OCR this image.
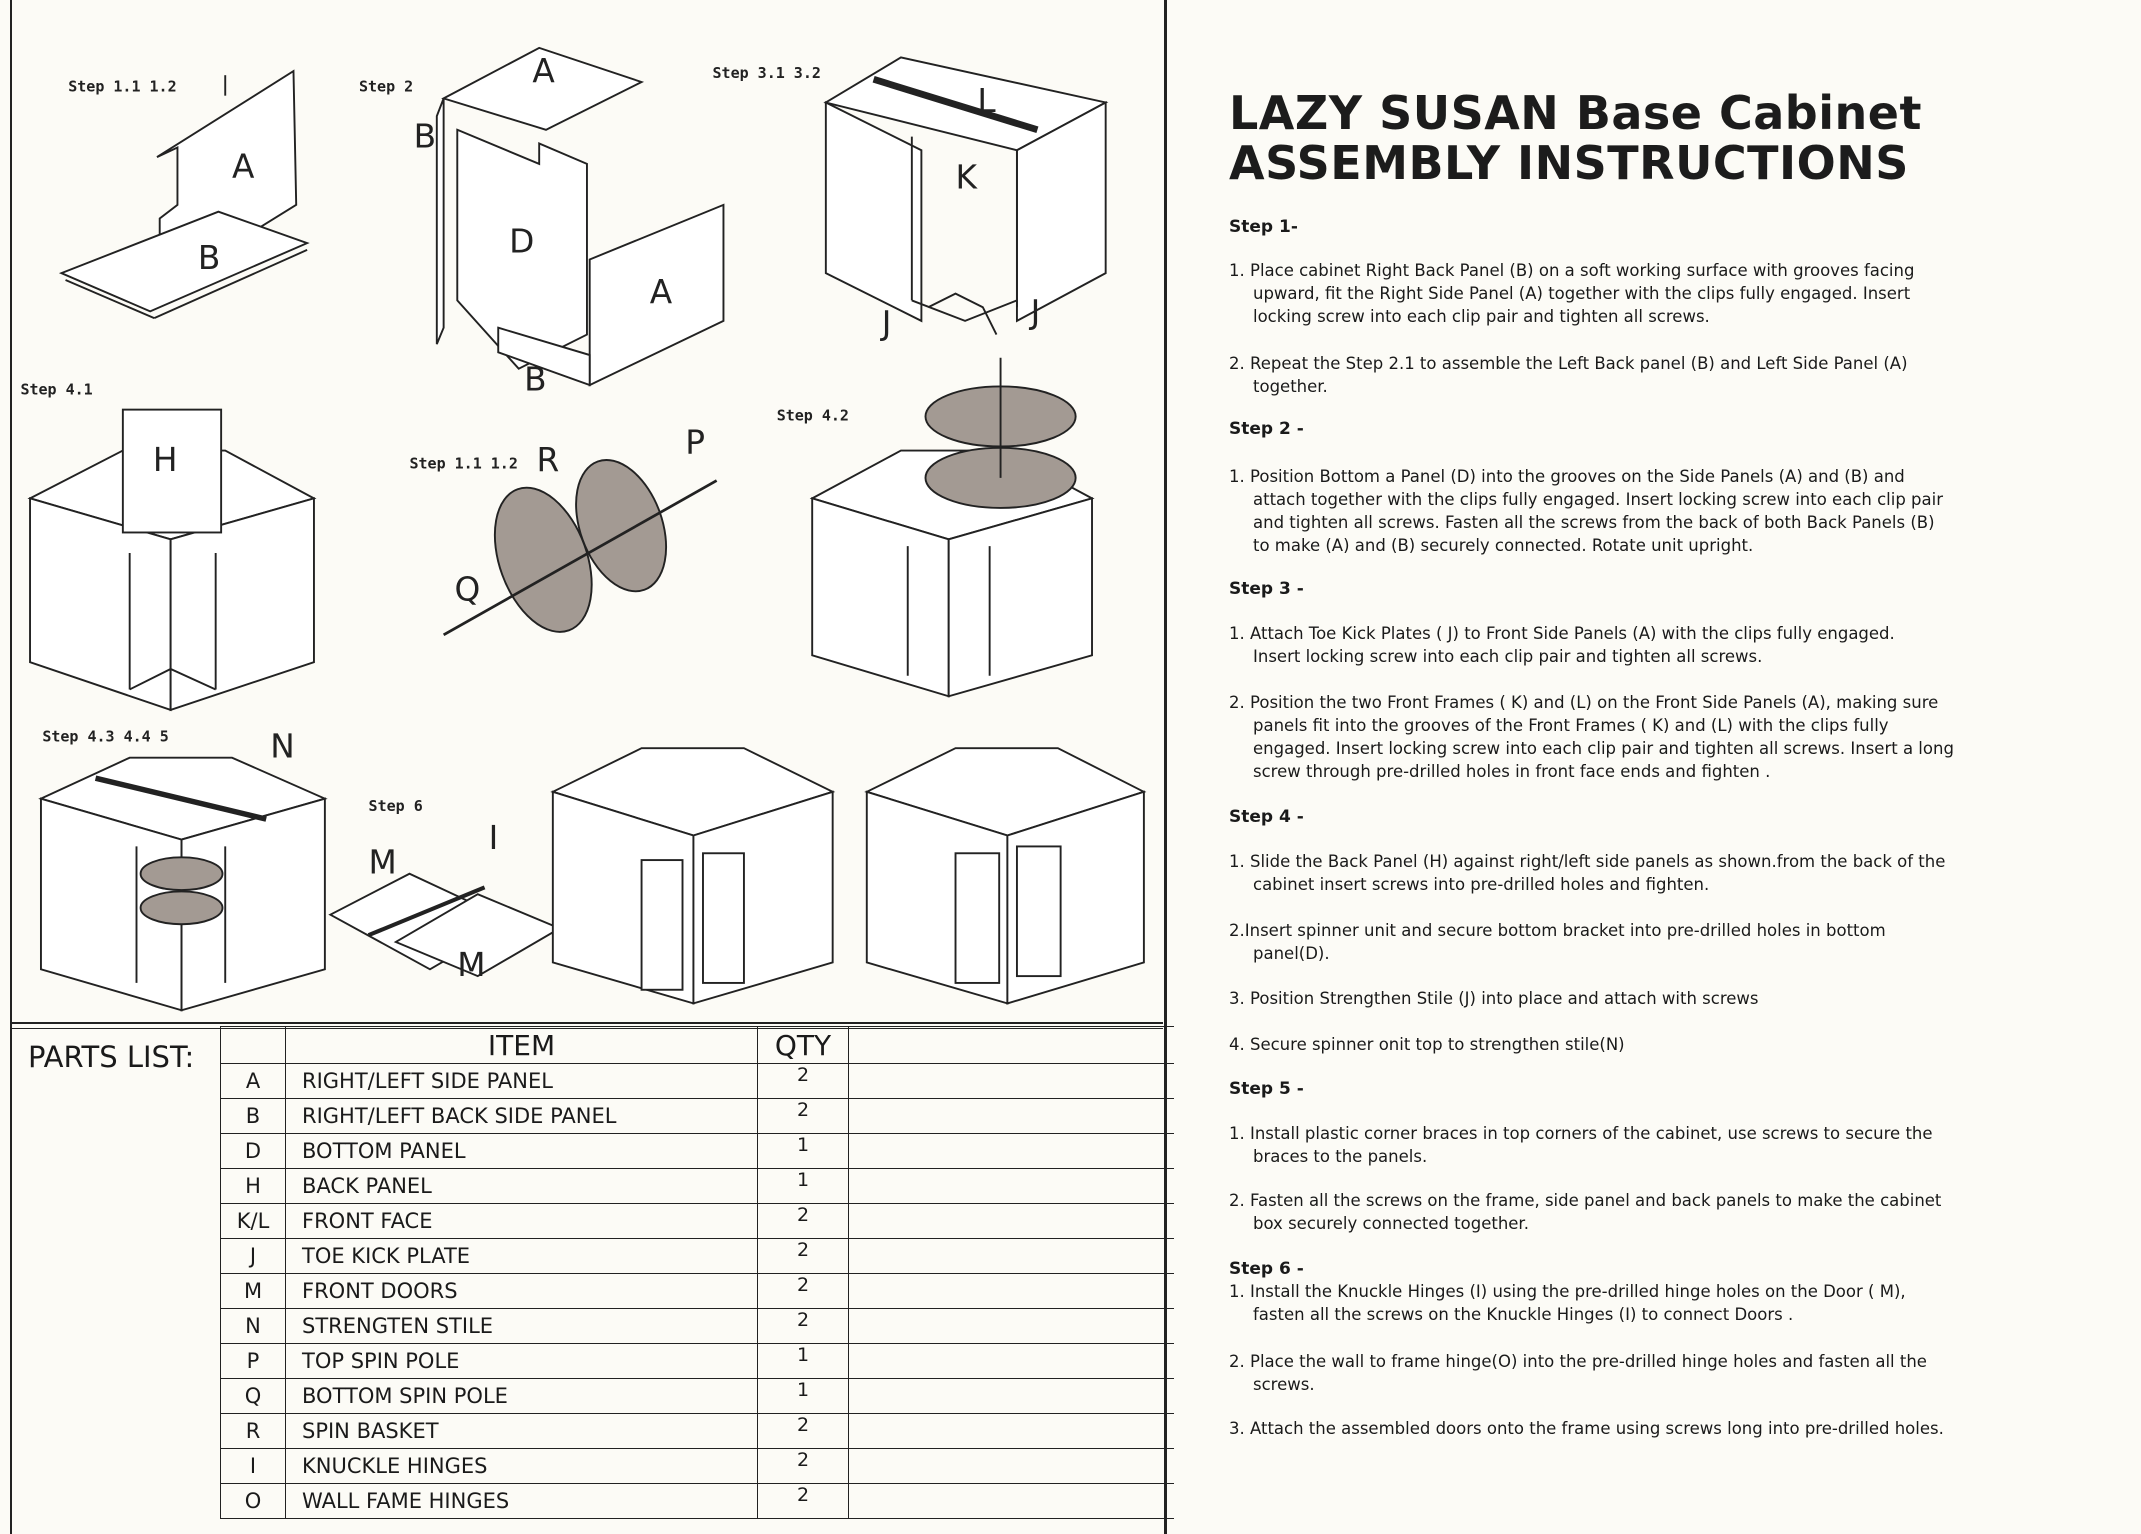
Step 1.1 1.2
A
B
Step 2	A
B
D
A
B
Step 3.1 3.2
L
K
J	J
Step 4.1
H	Step 1.1 1.2 R	P
Q
Step 4.2
Step 4.3 4.4 5	N
Step 6
M
I
M
LAZY SUSAN Base Cabinet
ASSEMBLY INSTRUCTIONS
Step 1-
1. Place cabinet Right Back Panel (B) on a soft working surface with grooves facing
upward, fit the Right Side Panel (A) together with the clips fully engaged. Insert
locking screw into each clip pair and tighten all screws.
2. Repeat the Step 2.1 to assemble the Left Back panel (B) and Left Side Panel (A)
together.
Step 2 -
1. Position Bottom a Panel (D) into the grooves on the Side Panels (A) and (B) and
attach together with the clips fully engaged. Insert locking screw into each clip pair
and tighten all screws. Fasten all the screws from the back of both Back Panels (B)
to make (A) and (B) securely connected. Rotate unit upright.
Step 3 -
1. Attach Toe Kick Plates ( J) to Front Side Panels (A) with the clips fully engaged.
Insert locking screw into each clip pair and tighten all screws.
2. Position the two Front Frames ( K) and (L) on the Front Side Panels (A), making sure
panels fit into the grooves of the Front Frames ( K) and (L) with the clips fully
engaged. Insert locking screw into each clip pair and tighten all screws. Insert a long
screw through pre-drilled holes in front face ends and fighten .
Step 4 -
1. Slide the Back Panel (H) against right/left side panels as shown.from the back of the
cabinet insert screws into pre-drilled holes and fighten.
2.Insert spinner unit and secure bottom bracket into pre-drilled holes in bottom
panel(D).
3. Position Strengthen Stile (J) into place and attach with screws
4. Secure spinner onit top to strengthen stile(N)
Step 5 -
1. Install plastic corner braces in top corners of the cabinet, use screws to secure the
braces to the panels.
2. Fasten all the screws on the frame, side panel and back panels to make the cabinet
box securely connected together.
Step 6 -
1. Install the Knuckle Hinges (I) using the pre-drilled hinge holes on the Door ( M),
fasten all the screws on the Knuckle Hinges (I) to connect Doors .
2. Place the wall to frame hinge(O) into the pre-drilled hinge holes and fasten all the
screws.
3. Attach the assembled doors onto the frame using screws long into pre-drilled holes.
PARTS LIST:
		ITEM	QTY	
A	RIGHT/LEFT SIDE PANEL	2	
B	RIGHT/LEFT BACK SIDE PANEL	2	
D	BOTTOM PANEL	1	
H	BACK PANEL	1	
K/L	FRONT FACE	2	
J	TOE KICK PLATE	2	
M	FRONT DOORS	2	
N	STRENGTEN STILE	2	
P	TOP SPIN POLE	1	
Q	BOTTOM SPIN POLE	1	
R	SPIN BASKET	2	
I	KNUCKLE HINGES	2	
O	WALL FAME HINGES	2	
